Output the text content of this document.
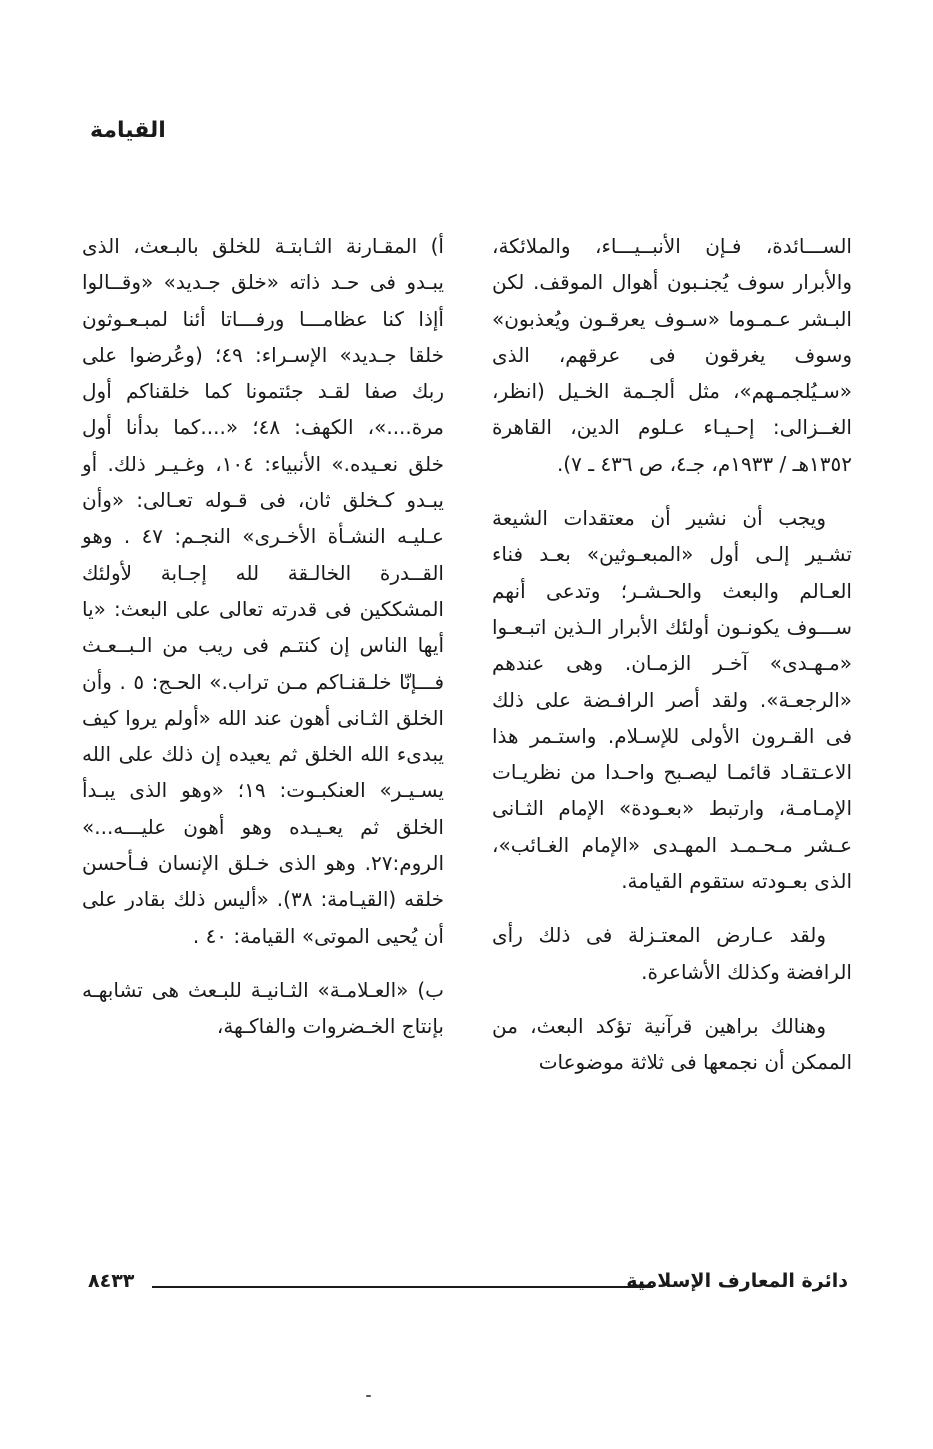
القيامة

الســـائدة، فـإن الأنبــيـــاء، والملائكة، والأبرار سوف يُجنـبون أهوال الموقف. لكن البـشر عـمـوما «سـوف يعرقـون ويُعذبون» وسوف يغرقون فى عرقهم، الذى «سـيُلجمـهم»، مثل ألجـمة الخـيل (انظر، الغــزالى: إحـيـاء عـلوم الدين، القاهرة ١٣٥٢هـ / ١٩٣٣م، جـ٤، ص ٤٣٦ ـ ٧).

ويجب أن نشير أن معتقدات الشيعة تشـير إلـى أول «المبعـوثين» بعـد فناء العـالم والبعث والحـشـر؛ وتدعى أنهم ســـوف يكونـون أولئك الأبرار الـذين اتبـعـوا «مـهـدى» آخـر الزمـان. وهى عندهم «الرجعـة». ولقد أصر الرافـضة على ذلك فى القـرون الأولى للإسـلام. واستـمر هذا الاعـتقـاد قائمـا ليصـبح واحـدا من نظريـات الإمـامـة، وارتبط «بعـودة» الإمام الثـانى عـشر مـحـمـد المهـدى «الإمام الغـائب»، الذى بعـودته ستقوم القيامة.

ولقد عـارض المعتـزلة فى ذلك رأى الرافضة وكذلك الأشاعرة.

وهنالك براهين قرآنية تؤكد البعث، من الممكن أن نجمعها فى ثلاثة موضوعات

أ) المقـارنة الثـابتـة للخلق بالبـعث، الذى يبـدو فى حـد ذاته «خلق جـديد» «وقــالوا أإذا كنا عظامـــا ورفـــاتا أئنا لمبـعـوثون خلقا جـديد» الإسـراء: ٤٩؛ (وعُرضوا على ربك صفا لقـد جئتمونا كما خلقناكم أول مرة....»، الكهف: ٤٨؛ «....كما بدأنا أول خلق نعـيده.» الأنبياء: ١٠٤، وغـيـر ذلك. أو يبـدو كـخلق ثان، فى قـوله تعـالى: «وأن عـليـه النشـأة الأخـرى» النجـم: ٤٧ . وهو القــدرة الخالـقة لله إجـابة لأولئك المشككين فى قدرته تعالى على البعث: «يا أيها الناس إن كنتـم فى ريب من الـبــعـث فـــإنّا خلـقنـاكم مـن تراب.» الحـج: ٥ . وأن الخلق الثـانى أهون عند الله «أولم يروا كيف يبدىء الله الخلق ثم يعيده إن ذلك على الله يسـيـر» العنكبـوت: ١٩؛ «وهو الذى يبـدأ الخلق ثم يعـيـده وهو أهون عليـــه...» الروم:٢٧. وهو الذى خـلق الإنسان فـأحسن خلقه (القيـامة: ٣٨). «أليس ذلك بقادر على أن يُحيى الموتى» القيامة: ٤٠ .

ب) «العـلامـة» الثـانيـة للبـعث هى تشابهـه بإنتاج الخـضروات والفاكـهة،

دائرة المعارف الإسلامية
٨٤٣٣
